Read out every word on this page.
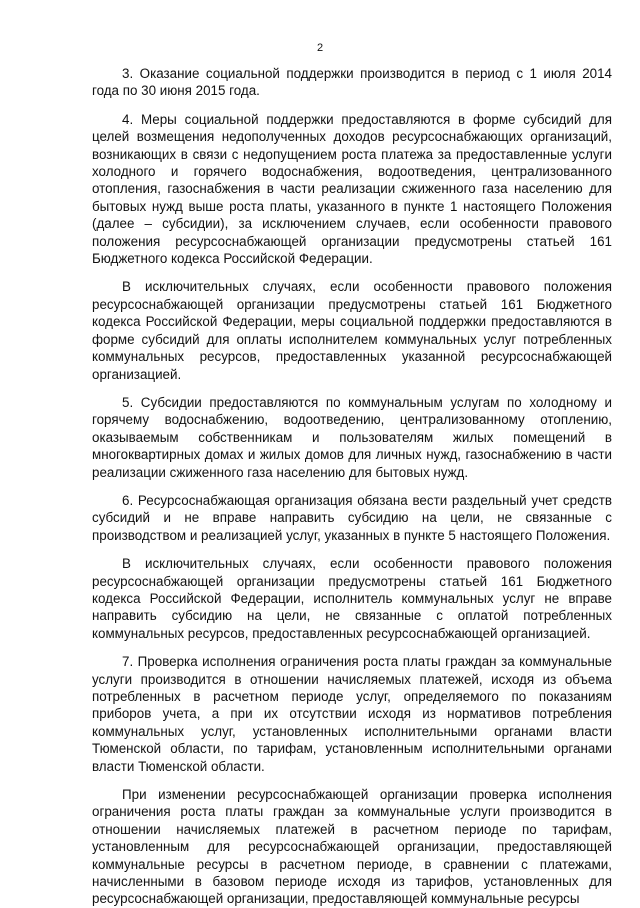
2

3. Оказание социальной поддержки производится в период с 1 июля 2014 года по 30 июня 2015 года.

4. Меры социальной поддержки предоставляются в форме субсидий для целей возмещения недополученных доходов ресурсоснабжающих организаций, возникающих в связи с недопущением роста платежа за предоставленные услуги холодного и горячего водоснабжения, водоотведения, централизованного отопления, газоснабжения в части реализации сжиженного газа населению для бытовых нужд выше роста платы, указанного в пункте 1 настоящего Положения (далее – субсидии), за исключением случаев, если особенности правового положения ресурсоснабжающей организации предусмотрены статьей 161 Бюджетного кодекса Российской Федерации.

В исключительных случаях, если особенности правового положения ресурсоснабжающей организации предусмотрены статьей 161 Бюджетного кодекса Российской Федерации, меры социальной поддержки предоставляются в форме субсидий для оплаты исполнителем коммунальных услуг потребленных коммунальных ресурсов, предоставленных указанной ресурсоснабжающей организацией.

5. Субсидии предоставляются по коммунальным услугам по холодному и горячему водоснабжению, водоотведению, централизованному отоплению, оказываемым собственникам и пользователям жилых помещений в многоквартирных домах и жилых домов для личных нужд, газоснабжению в части реализации сжиженного газа населению для бытовых нужд.

6. Ресурсоснабжающая организация обязана вести раздельный учет средств субсидий и не вправе направить субсидию на цели, не связанные с производством и реализацией услуг, указанных в пункте 5 настоящего Положения.

В исключительных случаях, если особенности правового положения ресурсоснабжающей организации предусмотрены статьей 161 Бюджетного кодекса Российской Федерации, исполнитель коммунальных услуг не вправе направить субсидию на цели, не связанные с оплатой потребленных коммунальных ресурсов, предоставленных ресурсоснабжающей организацией.

7. Проверка исполнения ограничения роста платы граждан за коммунальные услуги производится в отношении начисляемых платежей, исходя из объема потребленных в расчетном периоде услуг, определяемого по показаниям приборов учета, а при их отсутствии исходя из нормативов потребления коммунальных услуг, установленных исполнительными органами власти Тюменской области, по тарифам, установленным исполнительными органами власти Тюменской области.

При изменении ресурсоснабжающей организации проверка исполнения ограничения роста платы граждан за коммунальные услуги производится в отношении начисляемых платежей в расчетном периоде по тарифам, установленным для ресурсоснабжающей организации, предоставляющей коммунальные ресурсы в расчетном периоде, в сравнении с платежами, начисленными в базовом периоде исходя из тарифов, установленных для ресурсоснабжающей организации, предоставляющей коммунальные ресурсы
